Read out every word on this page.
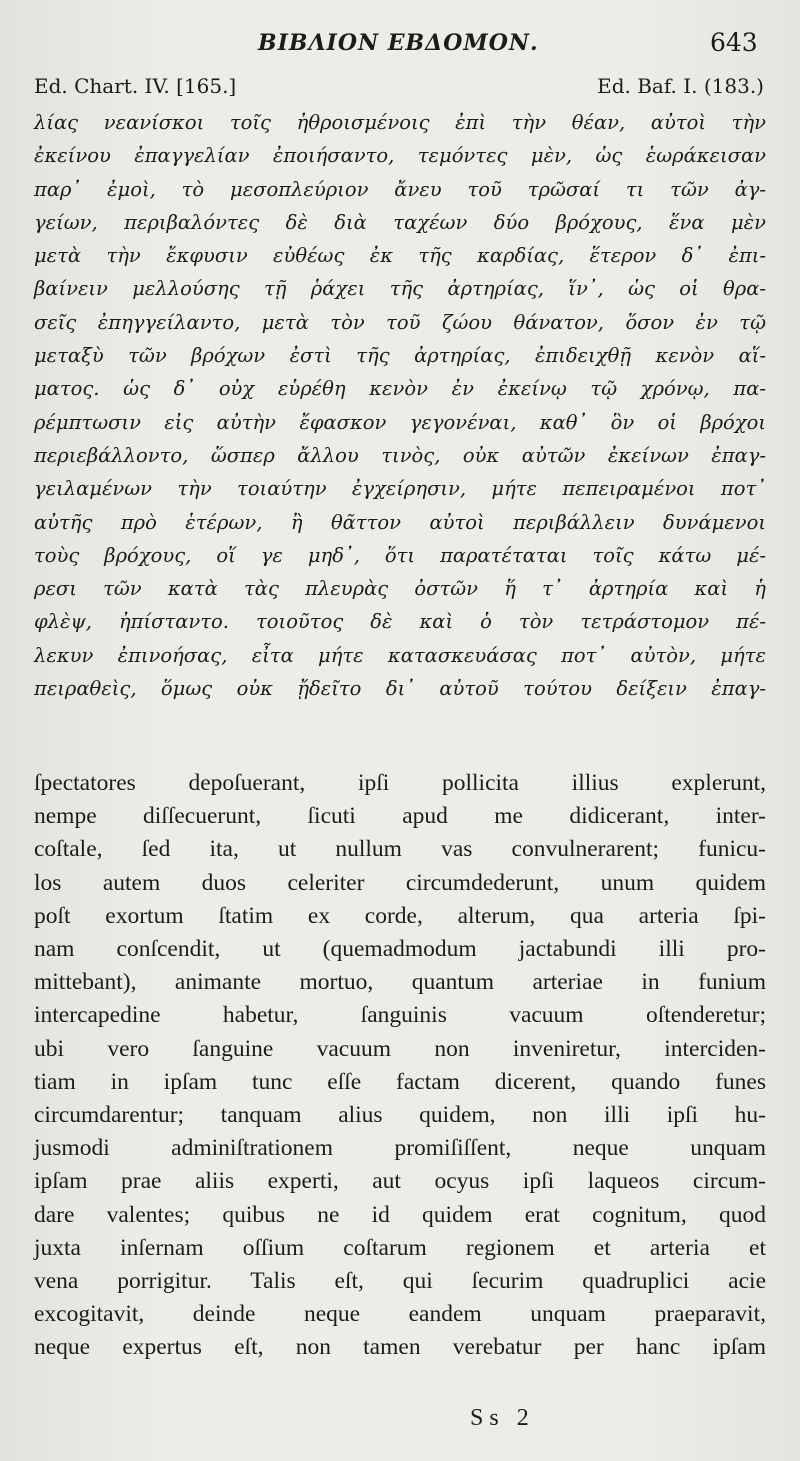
ΒΙΒΛΙΟΝ ΕΒΔΟΜΟΝ.	643
Ed. Chart. IV. [165.]	Ed. Baf. I. (183.)
λίας νεανίσκοι τοῖς ἠθροισμένοις ἐπὶ τὴν θέαν, αὐτοὶ τὴν
ἐκείνου ἐπαγγελίαν ἐποιήσαντο, τεμόντες μὲν, ὡς ἑωράκεισαν
παρ᾽ ἐμοὶ, τὸ μεσοπλεύριον ἄνευ τοῦ τρῶσαί τι τῶν ἀγ-
γείων, περιβαλόντες δὲ διὰ ταχέων δύο βρόχους, ἕνα μὲν
μετὰ τὴν ἔκφυσιν εὐθέως ἐκ τῆς καρδίας, ἕτερον δ᾽ ἐπι-
βαίνειν μελλούσης τῇ ῥάχει τῆς ἀρτηρίας, ἵν᾽, ὡς οἱ θρα-
σεῖς ἐπηγγείλαντο, μετὰ τὸν τοῦ ζώου θάνατον, ὅσον ἐν τῷ
μεταξὺ τῶν βρόχων ἐστὶ τῆς ἀρτηρίας, ἐπιδειχθῇ κενὸν αἵ-
ματος. ὡς δ᾽ οὐχ εὑρέθη κενὸν ἐν ἐκείνῳ τῷ χρόνῳ, πα-
ρέμπτωσιν εἰς αὐτὴν ἔφασκον γεγονέναι, καθ᾽ ὃν οἱ βρόχοι
περιεβάλλοντο, ὥσπερ ἄλλου τινὸς, οὐκ αὐτῶν ἐκείνων ἐπαγ-
γειλαμένων τὴν τοιαύτην ἐγχείρησιν, μήτε πεπειραμένοι ποτ᾽
αὐτῆς πρὸ ἑτέρων, ἢ θᾶττον αὐτοὶ περιβάλλειν δυνάμενοι
τοὺς βρόχους, οἵ γε μηδ᾽, ὅτι παρατέταται τοῖς κάτω μέ-
ρεσι τῶν κατὰ τὰς πλευρὰς ὀστῶν ἥ τ᾽ ἀρτηρία καὶ ἡ
φλὲψ, ἠπίσταντο. τοιοῦτος δὲ καὶ ὁ τὸν τετράστομον πέ-
λεκυν ἐπινοήσας, εἶτα μήτε κατασκευάσας ποτ᾽ αὐτὸν, μήτε
πειραθεὶς, ὅμως οὐκ ᾔδεῖτο δι᾽ αὐτοῦ τούτου δείξειν ἐπαγ-
ſpectatores depoſuerant, ipſi pollicita illius explerunt,
nempe diſſecuerunt, ſicuti apud me didicerant, inter-
coſtale, ſed ita, ut nullum vas convulnerarent; funicu-
los autem duos celeriter circumdederunt, unum quidem
poſt exortum ſtatim ex corde, alterum, qua arteria ſpi-
nam conſcendit, ut (quemadmodum jactabundi illi pro-
mittebant), animante mortuo, quantum arteriae in funium
intercapedine habetur, ſanguinis vacuum oſtenderetur;
ubi vero ſanguine vacuum non inveniretur, interciden-
tiam in ipſam tunc eſſe factam dicerent, quando funes
circumdarentur; tanquam alius quidem, non illi ipſi hu-
jusmodi adminiſtrationem promiſiſſent, neque unquam
ipſam prae aliis experti, aut ocyus ipſi laqueos circum-
dare valentes; quibus ne id quidem erat cognitum, quod
juxta inſernam oſſium coſtarum regionem et arteria et
vena porrigitur. Talis eſt, qui ſecurim quadruplici acie
excogitavit, deinde neque eandem unquam praeparavit,
neque expertus eſt, non tamen verebatur per hanc ipſam
Ss 2
